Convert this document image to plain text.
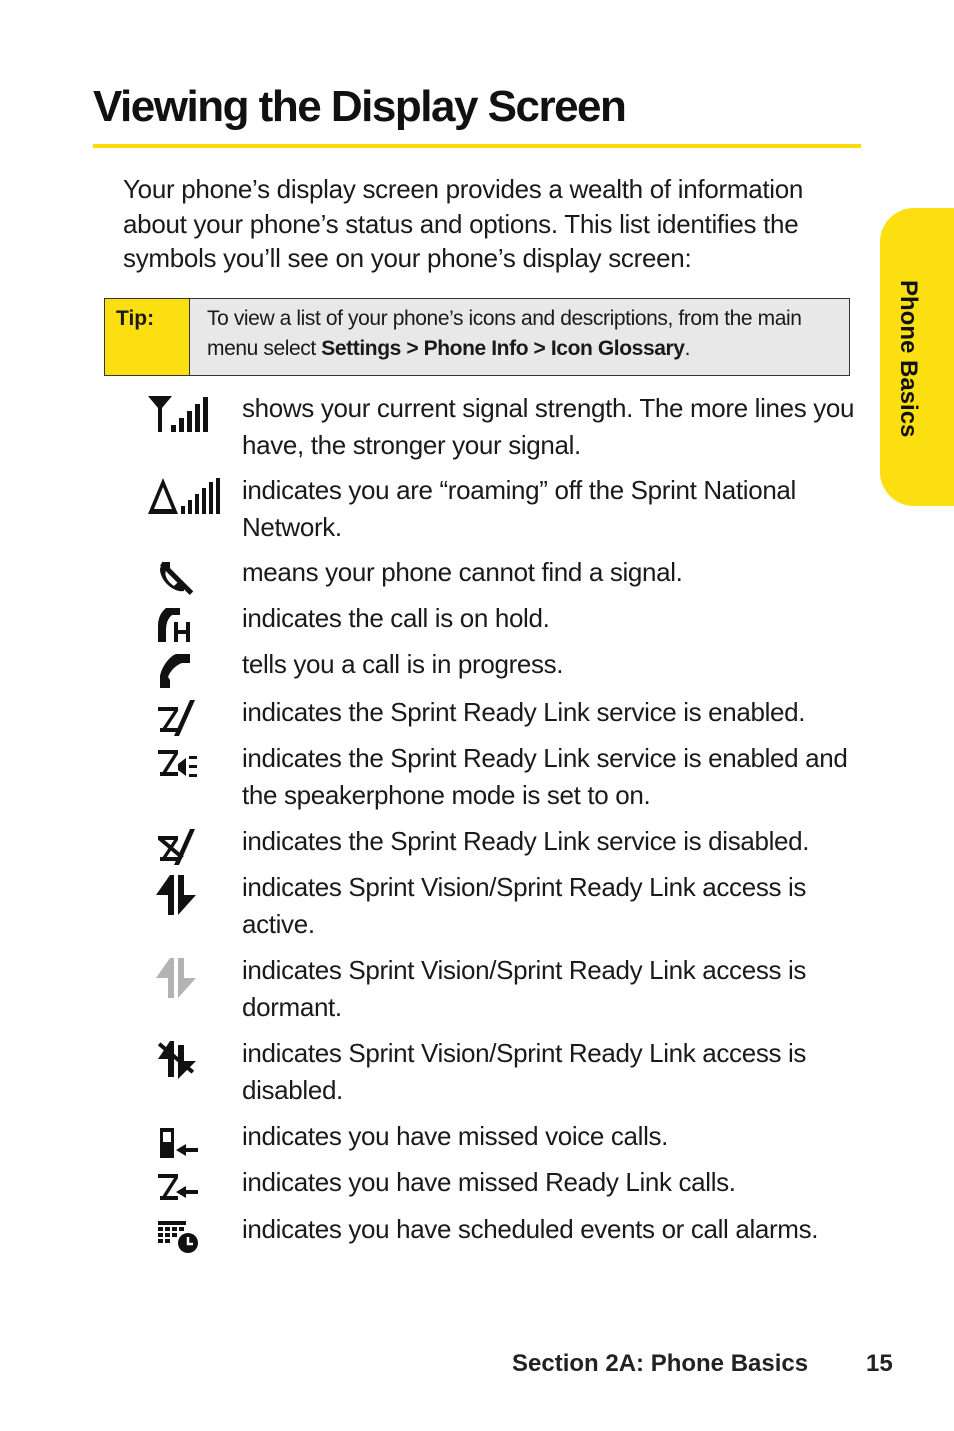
Viewing the Display Screen

Your phone’s display screen provides a wealth of information about your phone’s status and options. This list identifies the symbols you’ll see on your phone’s display screen:

Tip:	To view a list of your phone’s icons and descriptions, from the main menu select Settings > Phone Info > Icon Glossary.	Phone Basics
shows your current signal strength. The more lines you have, the stronger your signal.
indicates you are “roaming” off the Sprint National Network.
means your phone cannot find a signal.
indicates the call is on hold.
tells you a call is in progress.
indicates the Sprint Ready Link service is enabled.
indicates the Sprint Ready Link service is enabled and the speakerphone mode is set to on.
indicates the Sprint Ready Link service is disabled.
indicates Sprint Vision/Sprint Ready Link access is active.
indicates Sprint Vision/Sprint Ready Link access is dormant.
indicates Sprint Vision/Sprint Ready Link access is disabled.
indicates you have missed voice calls.
indicates you have missed Ready Link calls.
indicates you have scheduled events or call alarms.
Section 2A: Phone Basics 15
